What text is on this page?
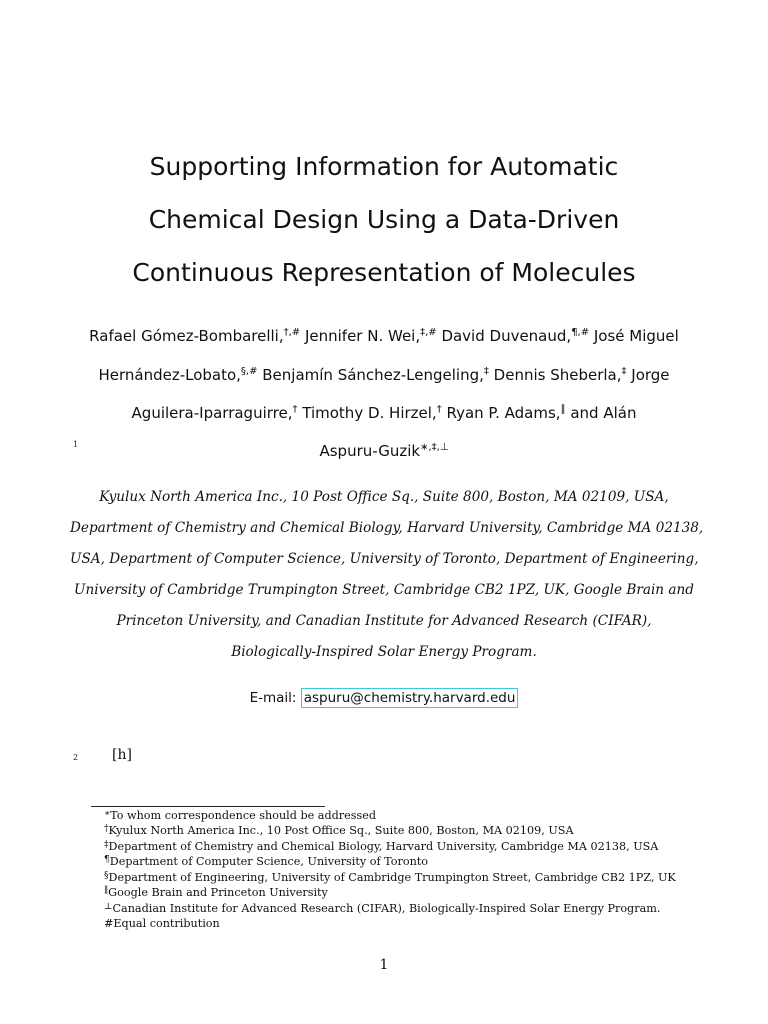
Supporting Information for Automatic
Chemical Design Using a Data-Driven
Continuous Representation of Molecules
Rafael Gómez-Bombarelli,†,# Jennifer N. Wei,‡,# David Duvenaud,¶,# José Miguel
Hernández-Lobato,§,# Benjamín Sánchez-Lengeling,‡ Dennis Sheberla,‡ Jorge
Aguilera-Iparraguirre,† Timothy D. Hirzel,† Ryan P. Adams,∥ and Alán
Aspuru-Guzik∗,‡,⊥
1
2
Kyulux North America Inc., 10 Post Office Sq., Suite 800, Boston, MA 02109, USA,
Department of Chemistry and Chemical Biology, Harvard University, Cambridge MA 02138,
USA, Department of Computer Science, University of Toronto, Department of Engineering,
University of Cambridge Trumpington Street, Cambridge CB2 1PZ, UK, Google Brain and
Princeton University, and Canadian Institute for Advanced Research (CIFAR),
Biologically-Inspired Solar Energy Program.
E-mail: aspuru@chemistry.harvard.edu
[h]
∗To whom correspondence should be addressed
†Kyulux North America Inc., 10 Post Office Sq., Suite 800, Boston, MA 02109, USA
‡Department of Chemistry and Chemical Biology, Harvard University, Cambridge MA 02138, USA
¶Department of Computer Science, University of Toronto
§Department of Engineering, University of Cambridge Trumpington Street, Cambridge CB2 1PZ, UK
∥Google Brain and Princeton University
⊥Canadian Institute for Advanced Research (CIFAR), Biologically-Inspired Solar Energy Program.
#Equal contribution
1
